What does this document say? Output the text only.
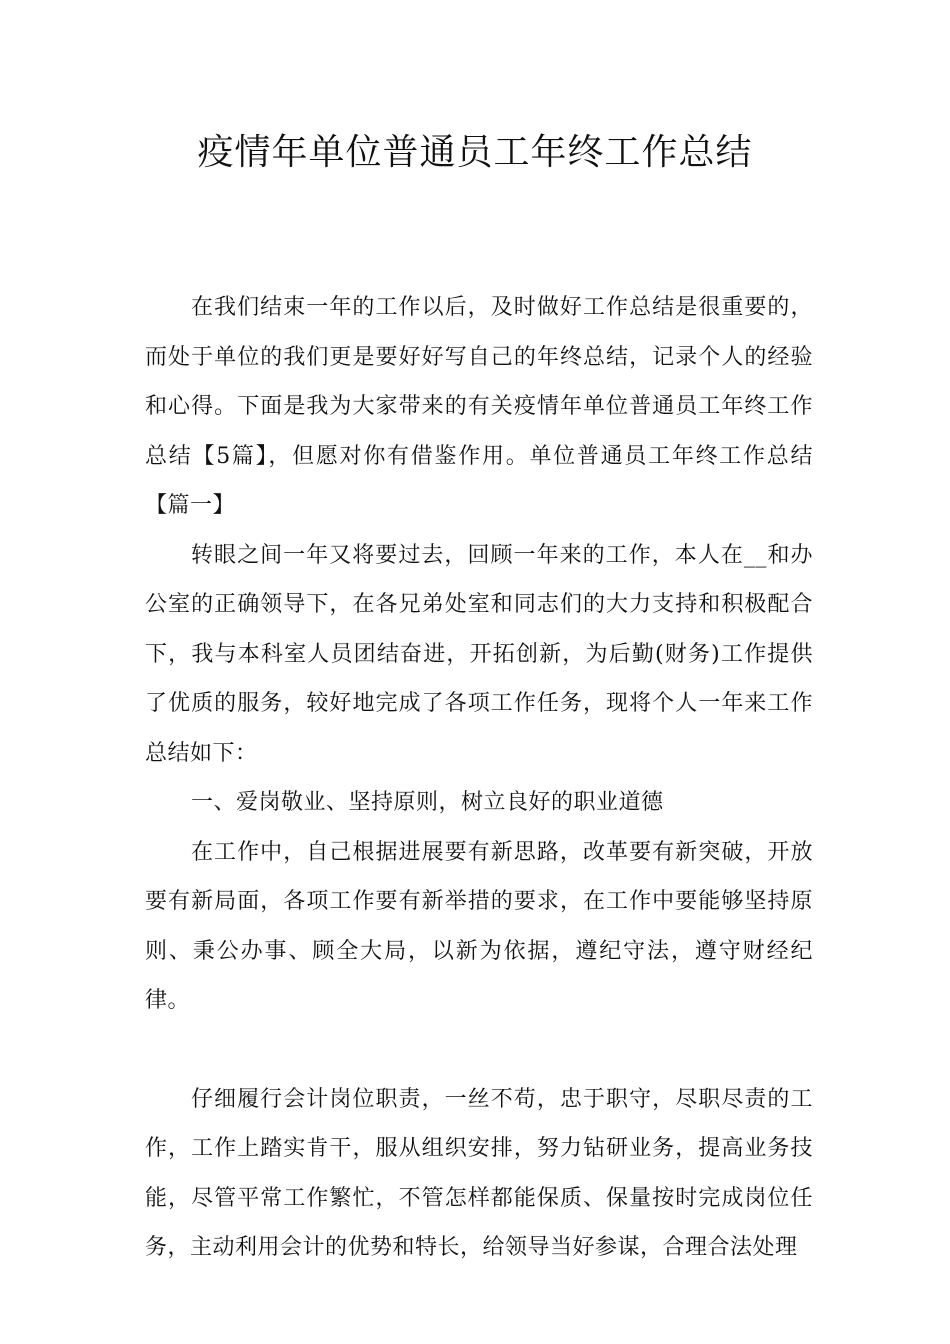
疫情年单位普通员工年终工作总结

在我们结束一年的工作以后，及时做好工作总结是很重要的，而处于单位的我们更是要好好写自己的年终总结，记录个人的经验和心得。下面是我为大家带来的有关疫情年单位普通员工年终工作总结【5篇】，但愿对你有借鉴作用。单位普通员工年终工作总结【篇一】

转眼之间一年又将要过去，回顾一年来的工作，本人在__和办公室的正确领导下，在各兄弟处室和同志们的大力支持和积极配合下，我与本科室人员团结奋进，开拓创新，为后勤(财务)工作提供了优质的服务，较好地完成了各项工作任务，现将个人一年来工作总结如下：

一、爱岗敬业、坚持原则，树立良好的职业道德

在工作中，自己根据进展要有新思路，改革要有新突破，开放要有新局面，各项工作要有新举措的要求，在工作中要能够坚持原则、秉公办事、顾全大局，以新为依据，遵纪守法，遵守财经纪律。

仔细履行会计岗位职责，一丝不苟，忠于职守，尽职尽责的工作，工作上踏实肯干，服从组织安排，努力钻研业务，提高业务技能，尽管平常工作繁忙，不管怎样都能保质、保量按时完成岗位任务，主动利用会计的优势和特长，给领导当好参谋，合理合法处理
